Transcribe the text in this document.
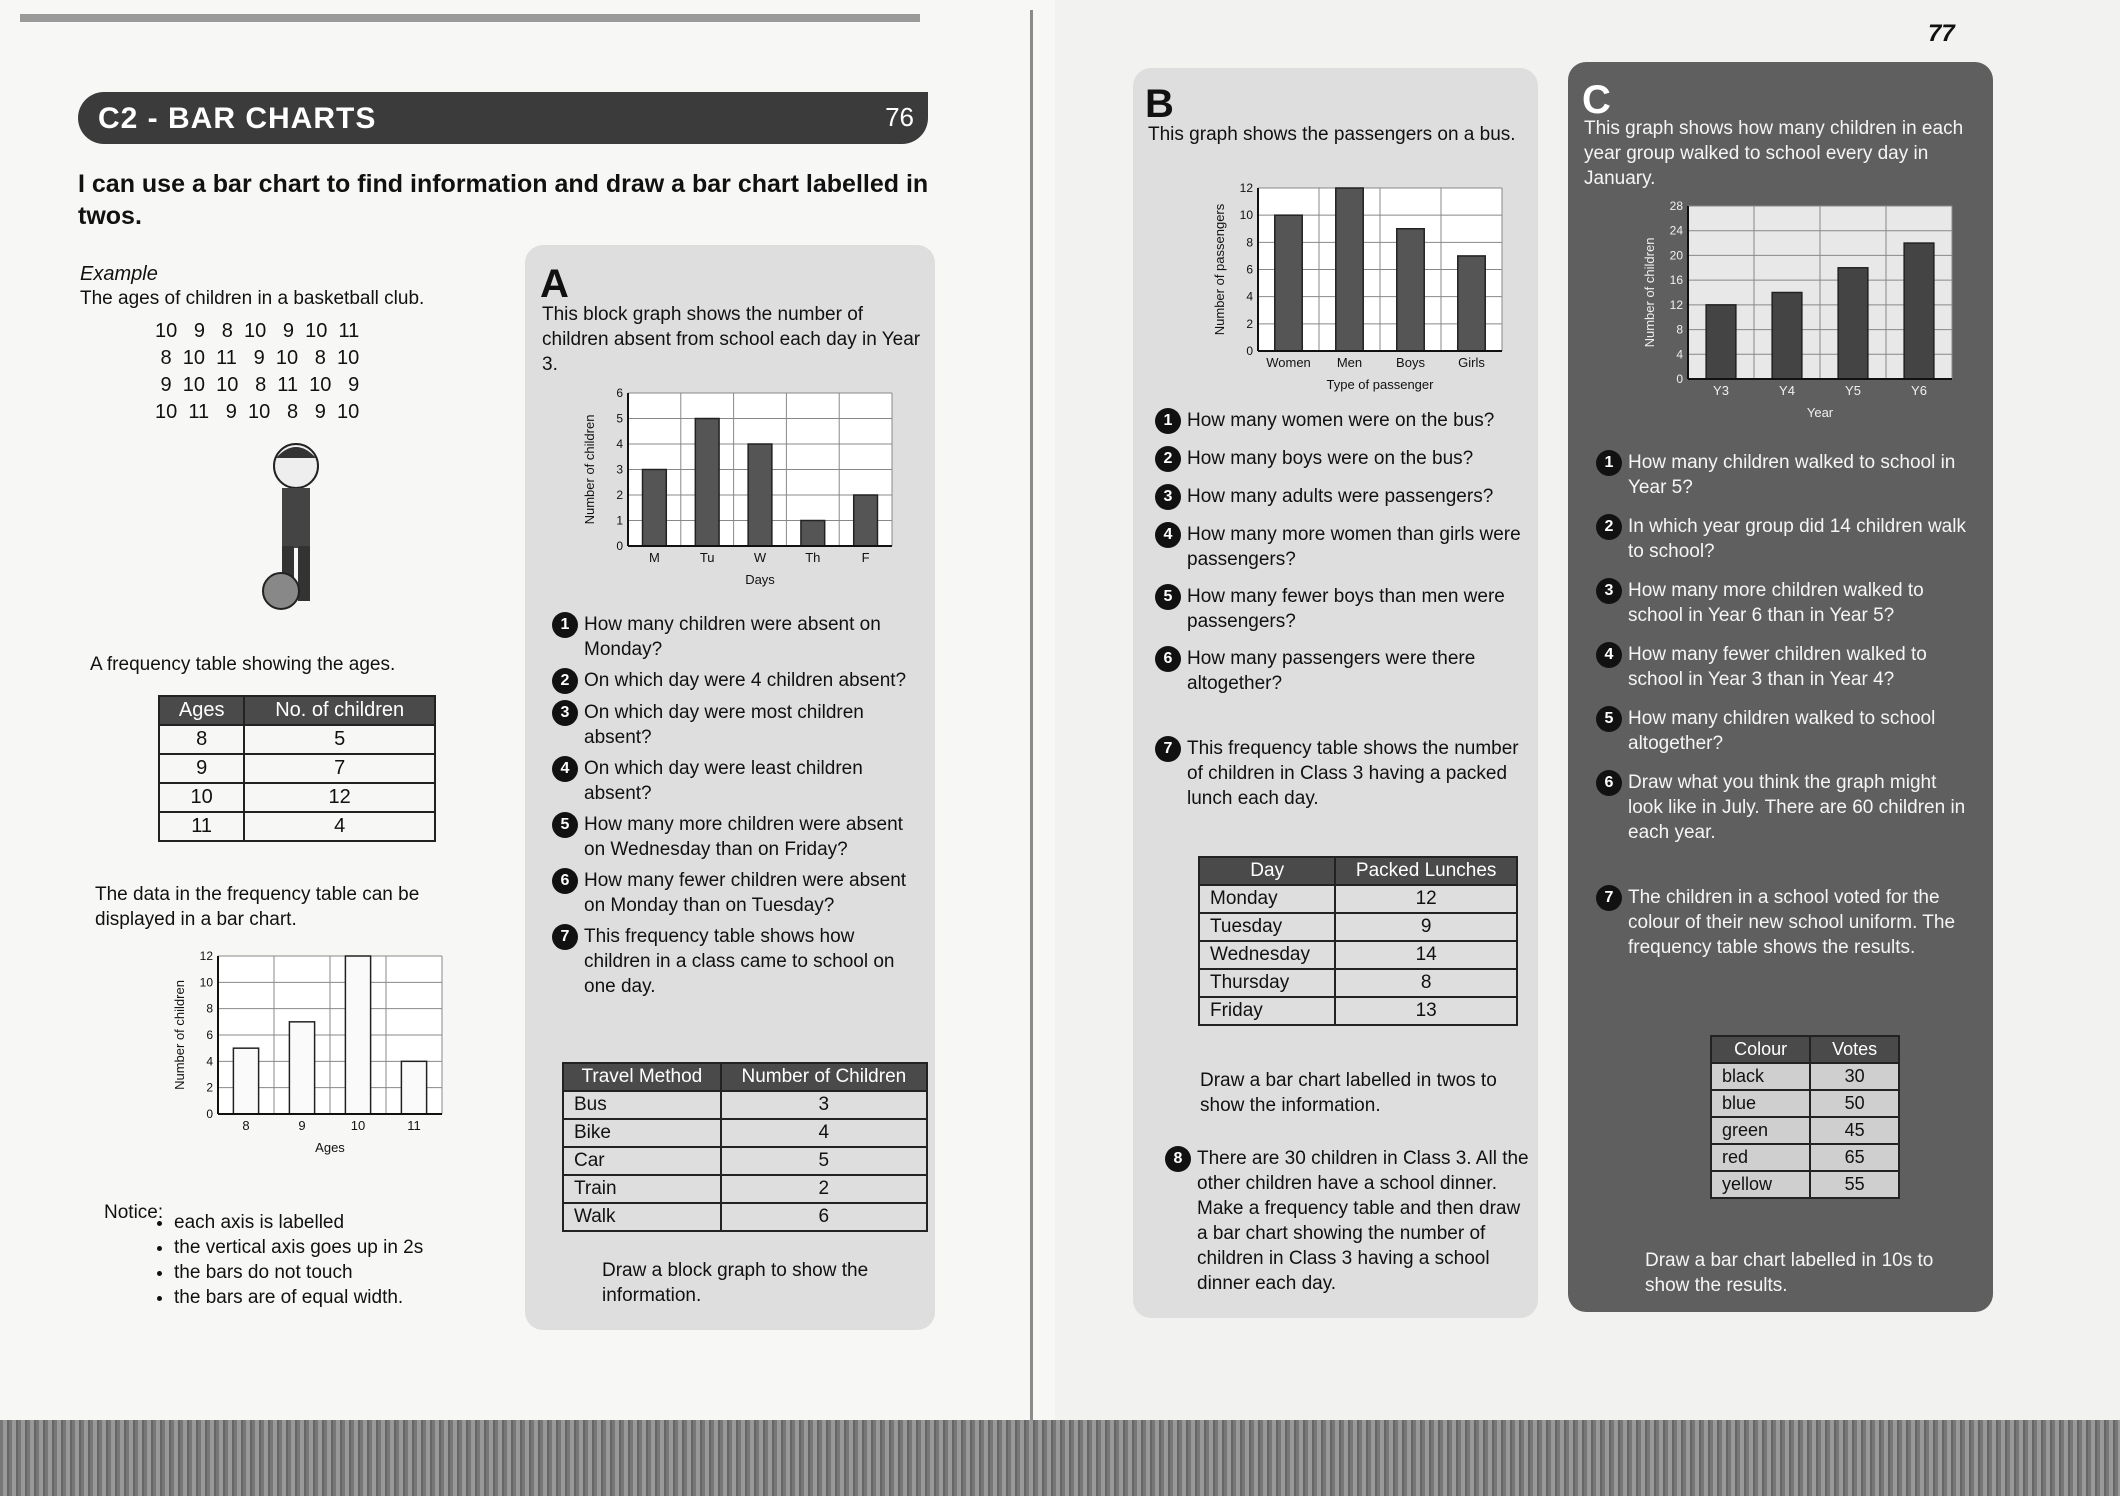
C2 - BAR CHARTS	76
I can use a bar chart to find information and draw a bar chart labelled in twos.
Example
The ages of children in a basketball club.
10   9   8  10   9  10  11
8  10  11   9  10   8  10
9  10  10   8  11  10   9
10  11   9  10   8   9  10
A frequency table showing the ages.
Ages	No. of children
8	5
9	7
10	12
11	4
The data in the frequency table can be displayed in a bar chart.
0
2
4
6
8
10
12
8	9	10	11
Ages
Number of children
Notice: • each axis is labelled
• the vertical axis goes up in 2s
• the bars do not touch
• the bars are of equal width.
A
This block graph shows the number of children absent from school each day in Year 3.
0
1
2
3
4
5
6
M	Tu	W	Th	F
Days
Number of children
1 How many children were absent on Monday?
2 On which day were 4 children absent?
3 On which day were most children absent?
4 On which day were least children absent?
5 How many more children were absent on Wednesday than on Friday?
6 How many fewer children were absent on Monday than on Tuesday?
7 This frequency table shows how children in a class came to school on one day.
Travel Method	Number of Children
Bus	3
Bike	4
Car	5
Train	2
Walk	6
Draw a block graph to show the information.
77
B
This graph shows the passengers on a bus.
0
2
4
6
8
10
12
Women Men	Boys	Girls
Type of passenger
Number of passengers
1 How many women were on the bus?
2 How many boys were on the bus?
3 How many adults were passengers?
4 How many more women than girls were passengers?
5 How many fewer boys than men were passengers?
6 How many passengers were there altogether?
7 This frequency table shows the number of children in Class 3 having a packed lunch each day.
Day	Packed Lunches
Monday	12
Tuesday	9
Wednesday	14
Thursday	8
Friday	13
Draw a bar chart labelled in twos to show the information.
8 There are 30 children in Class 3. All the other children have a school dinner. Make a frequency table and then draw a bar chart showing the number of children in Class 3 having a school dinner each day.
C
This graph shows how many children in each year group walked to school every day in January.
0
4
8
12
16
20
24
28
Y3	Y4	Y5	Y6
Year
Number of children
1 How many children walked to school in Year 5?
2 In which year group did 14 children walk to school?
3 How many more children walked to school in Year 6 than in Year 5?
4 How many fewer children walked to school in Year 3 than in Year 4?
5 How many children walked to school altogether?
6 Draw what you think the graph might look like in July. There are 60 children in each year.
7 The children in a school voted for the colour of their new school uniform. The frequency table shows the results.
Colour	Votes
black	30
blue	50
green	45
red	65
yellow	55
Draw a bar chart labelled in 10s to show the results.
